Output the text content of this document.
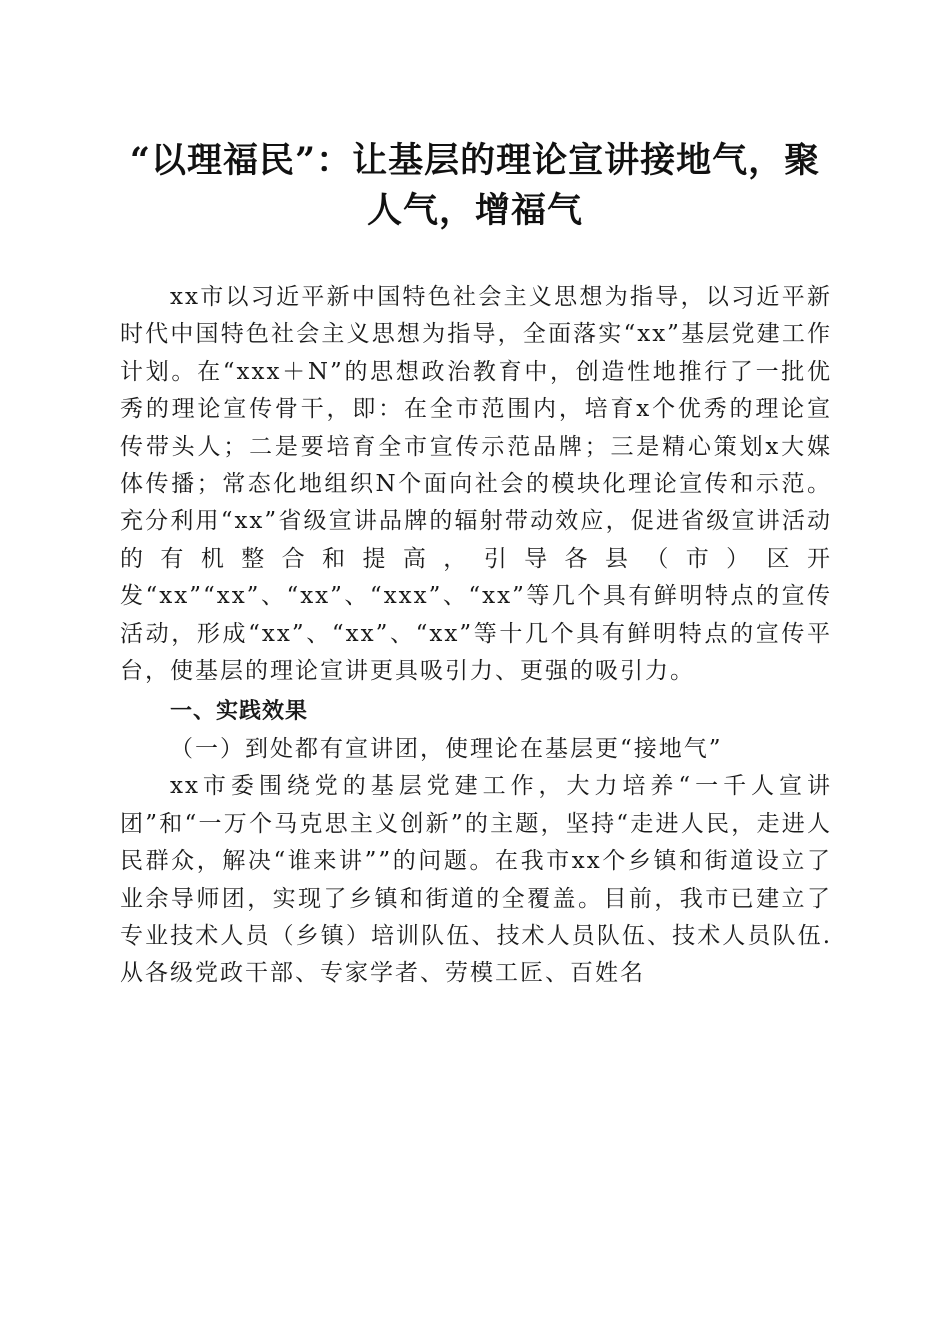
“以理福民”：让基层的理论宣讲接地气，聚人气，增福气

xx市以习近平新中国特色社会主义思想为指导，以习近平新时代中国特色社会主义思想为指导，全面落实“xx”基层党建工作计划。在“xxx＋N”的思想政治教育中，创造性地推行了一批优秀的理论宣传骨干，即：在全市范围内，培育x个优秀的理论宣传带头人；二是要培育全市宣传示范品牌；三是精心策划x大媒体传播；常态化地组织N个面向社会的模块化理论宣传和示范。充分利用“xx”省级宣讲品牌的辐射带动效应，促进省级宣讲活动的有机整合和提高，引导各县（市）区开发“xx”“xx”、“xx”、“xxx”、“xx”等几个具有鲜明特点的宣传活动，形成“xx”、“xx”、“xx”等十几个具有鲜明特点的宣传平台，使基层的理论宣讲更具吸引力、更强的吸引力。

一、实践效果

（一）到处都有宣讲团，使理论在基层更“接地气”

xx市委围绕党的基层党建工作，大力培养“一千人宣讲团”和“一万个马克思主义创新”的主题，坚持“走进人民，走进人民群众，解决“谁来讲””的问题。在我市xx个乡镇和街道设立了业余导师团，实现了乡镇和街道的全覆盖。目前，我市已建立了专业技术人员（乡镇）培训队伍、技术人员队伍、技术人员队伍.从各级党政干部、专家学者、劳模工匠、百姓名
